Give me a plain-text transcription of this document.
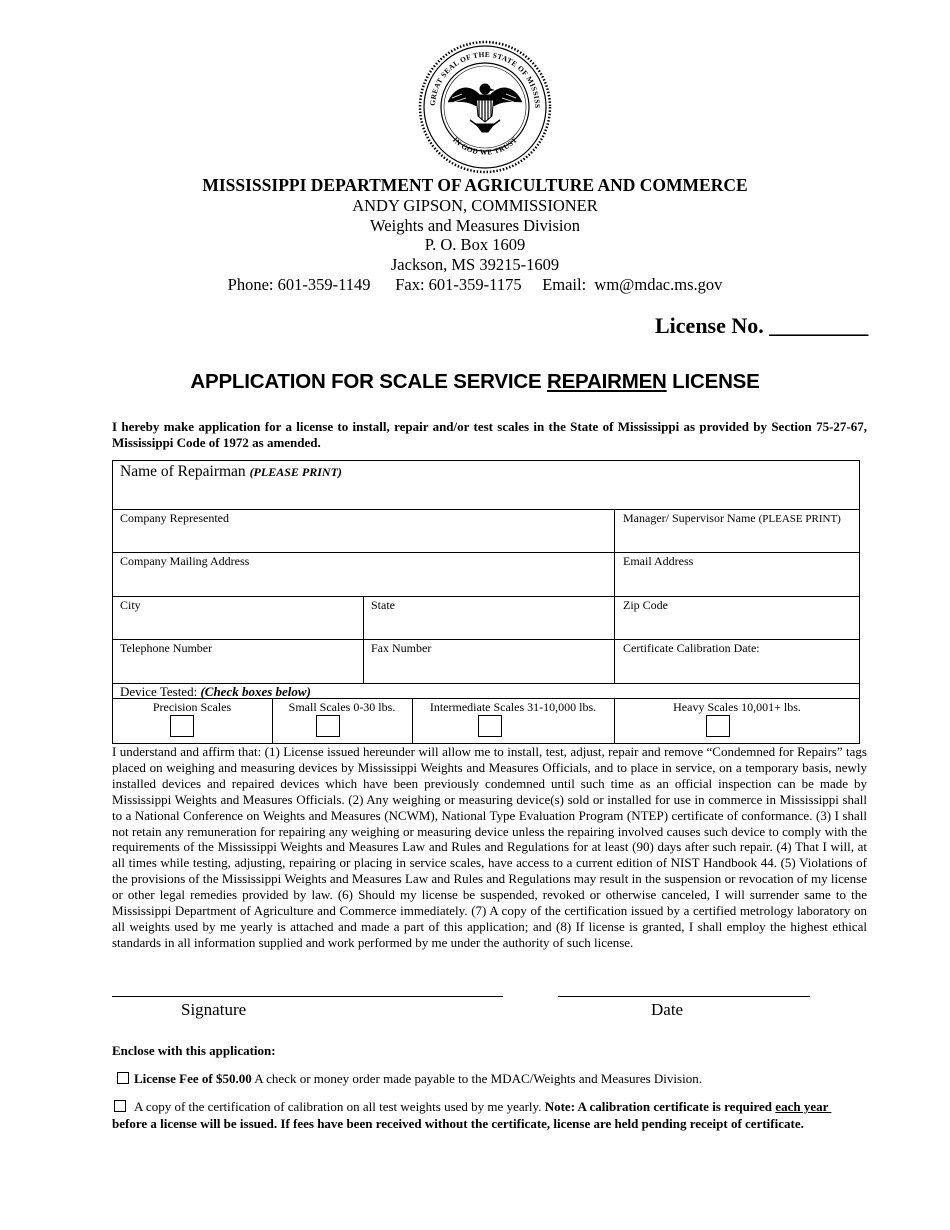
GREAT SEAL OF THE STATE OF MISSISS
IN GOD WE TRUST
MISSISSIPPI DEPARTMENT OF AGRICULTURE AND COMMERCE
ANDY GIPSON, COMMISSIONER
Weights and Measures Division
P. O. Box 1609
Jackson, MS 39215-1609
Phone: 601-359-1149      Fax: 601-359-1175     Email:  wm@mdac.ms.gov
License No. _________
APPLICATION FOR SCALE SERVICE REPAIRMEN LICENSE
I hereby make application for a license to install, repair and/or test scales in the State of Mississippi as provided by Section 75-27-67, Mississippi Code of 1972 as amended.
Name of Repairman (PLEASE PRINT)
Company Represented	Manager/ Supervisor Name (PLEASE PRINT)
Company Mailing Address	Email Address
City	State	Zip Code
Telephone Number	Fax Number	Certificate Calibration Date:
Device Tested: (Check boxes below)
Precision Scales	Small Scales 0-30 lbs.	Intermediate Scales 31-10,000 lbs.	Heavy Scales 10,001+ lbs.
I understand and affirm that: (1) License issued hereunder will allow me to install, test, adjust, repair and remove “Condemned for Repairs” tags placed on weighing and measuring devices by Mississippi Weights and Measures Officials, and to place in service, on a temporary basis, newly installed devices and repaired devices which have been previously condemned until such time as an official inspection can be made by Mississippi Weights and Measures Officials. (2) Any weighing or measuring device(s) sold or installed for use in commerce in Mississippi shall to a National Conference on Weights and Measures (NCWM), National Type Evaluation Program (NTEP) certificate of conformance. (3) I shall not retain any remuneration for repairing any weighing or measuring device unless the repairing involved causes such device to comply with the requirements of the Mississippi Weights and Measures Law and Rules and Regulations for at least (90) days after such repair. (4) That I will, at all times while testing, adjusting, repairing or placing in service scales, have access to a current edition of NIST Handbook 44. (5) Violations of the provisions of the Mississippi Weights and Measures Law and Rules and Regulations may result in the suspension or revocation of my license or other legal remedies provided by law. (6) Should my license be suspended, revoked or otherwise canceled, I will surrender same to the Mississippi Department of Agriculture and Commerce immediately. (7) A copy of the certification issued by a certified metrology laboratory on all weights used by me yearly is attached and made a part of this application; and (8) If license is granted, I shall employ the highest ethical standards in all information supplied and work performed by me under the authority of such license.
Signature	Date
Enclose with this application:
License Fee of $50.00 A check or money order made payable to the MDAC/Weights and Measures Division.
A copy of the certification of calibration on all test weights used by me yearly. Note: A calibration certificate is required each year before a license will be issued. If fees have been received without the certificate, license are held pending receipt of certificate.
